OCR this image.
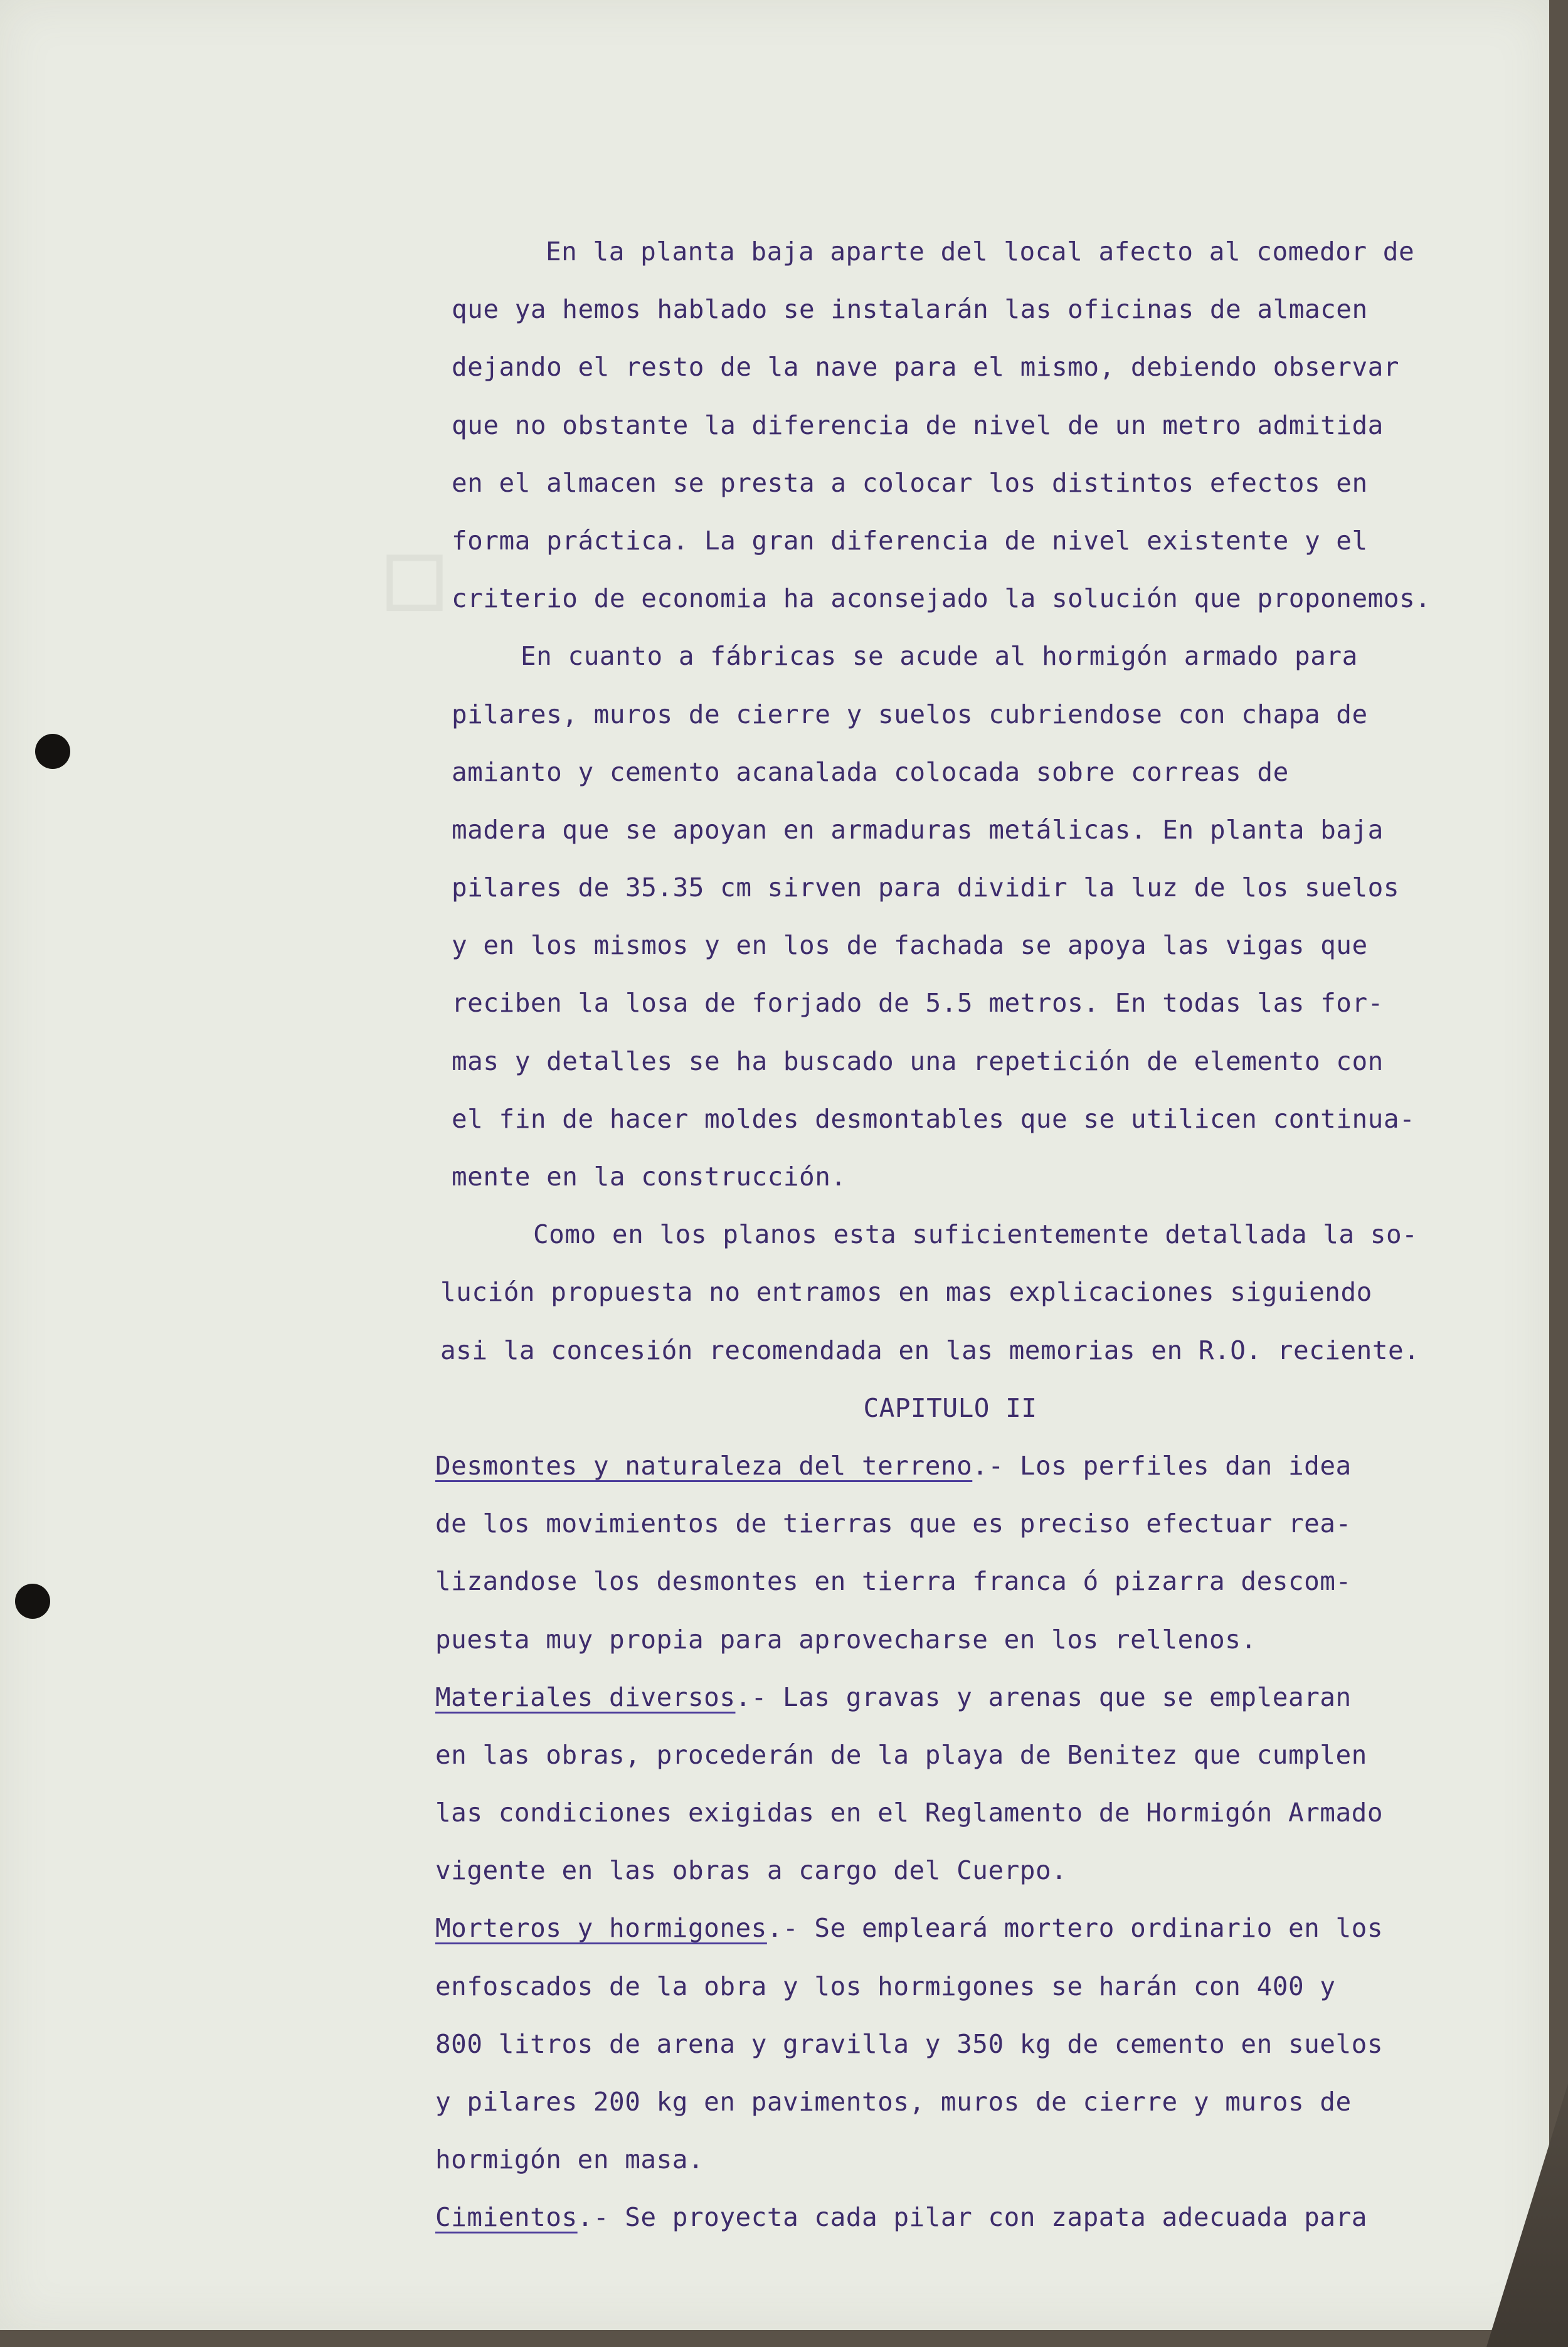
▫
En la planta baja aparte del local afecto al comedor de
que ya hemos hablado se instalarán las oficinas de almacen
dejando el resto de la nave para el mismo, debiendo observar
que no obstante la diferencia de nivel de un metro admitida
en el almacen se presta a colocar los distintos efectos en
forma práctica. La gran diferencia de nivel existente y el
criterio de economia ha aconsejado la solución que proponemos.
En cuanto a fábricas se acude al hormigón armado para
pilares, muros de cierre y suelos cubriendose con chapa de
amianto y cemento acanalada colocada sobre correas de
madera que se apoyan en armaduras metálicas. En planta baja
pilares de 35.35 cm sirven para dividir la luz de los suelos
y en los mismos y en los de fachada se apoya las vigas que
reciben la losa de forjado de 5.5 metros. En todas las for-
mas y detalles se ha buscado una repetición de elemento con
el fin de hacer moldes desmontables que se utilicen continua-
mente en la construcción.
Como en los planos esta suficientemente detallada la so-
lución propuesta no entramos en mas explicaciones siguiendo
asi la concesión recomendada en las memorias en R.O. reciente.
CAPITULO II
Desmontes y naturaleza del terreno.- Los perfiles dan idea
de los movimientos de tierras que es preciso efectuar rea-
lizandose los desmontes en tierra franca ó pizarra descom-
puesta muy propia para aprovecharse en los rellenos.
Materiales diversos.- Las gravas y arenas que se emplearan
en las obras, procederán de la playa de Benitez que cumplen
las condiciones exigidas en el Reglamento de Hormigón Armado
vigente en las obras a cargo del Cuerpo.
Morteros y hormigones.- Se empleará mortero ordinario en los
enfoscados de la obra y los hormigones se harán con 400 y
800 litros de arena y gravilla y 350 kg de cemento en suelos
y pilares 200 kg en pavimentos, muros de cierre y muros de
hormigón en masa.
Cimientos.- Se proyecta cada pilar con zapata adecuada para
